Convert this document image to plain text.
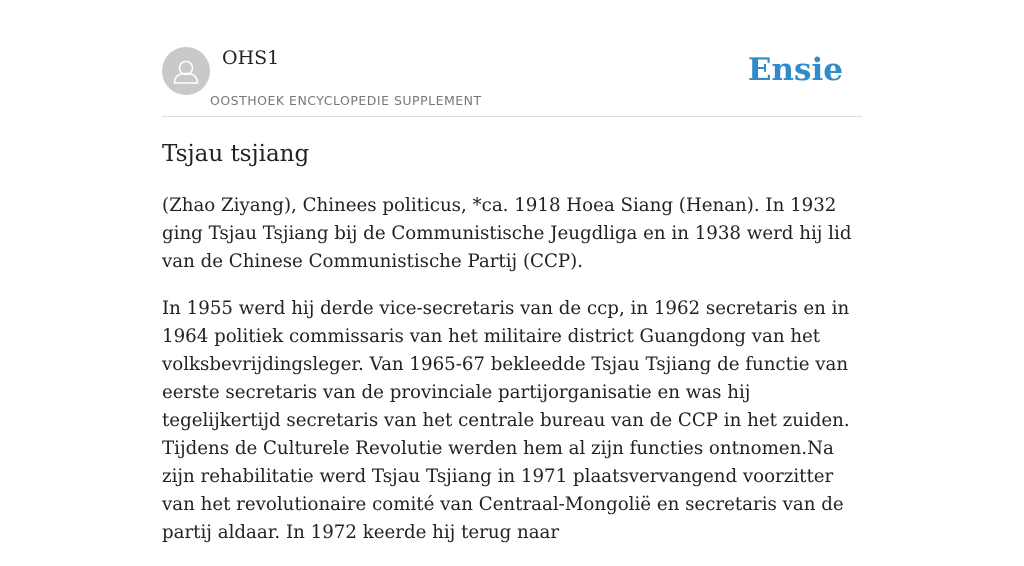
OHS1
OOSTHOEK ENCYCLOPEDIE SUPPLEMENT
Ensie
Tsjau tsjiang

(Zhao Ziyang), Chinees politicus, *ca. 1918 Hoea Siang (Henan). In 1932 ging Tsjau Tsjiang bij de Communistische Jeugdliga en in 1938 werd hij lid van de Chinese Communistische Partij (CCP).

In 1955 werd hij derde vice-secretaris van de ccp, in 1962 secretaris en in 1964 politiek commissaris van het militaire district Guangdong van het volksbevrijdingsleger. Van 1965-67 bekleedde Tsjau Tsjiang de functie van eerste secretaris van de provinciale partijorganisatie en was hij tegelijkertijd secretaris van het centrale bureau van de CCP in het zuiden. Tijdens de Culturele Revolutie werden hem al zijn functies ontnomen.Na zijn rehabilitatie werd Tsjau Tsjiang in 1971 plaatsvervangend voorzitter van het revolutionaire comité van Centraal-Mongolië en secretaris van de partij aldaar. In 1972 keerde hij terug naar
